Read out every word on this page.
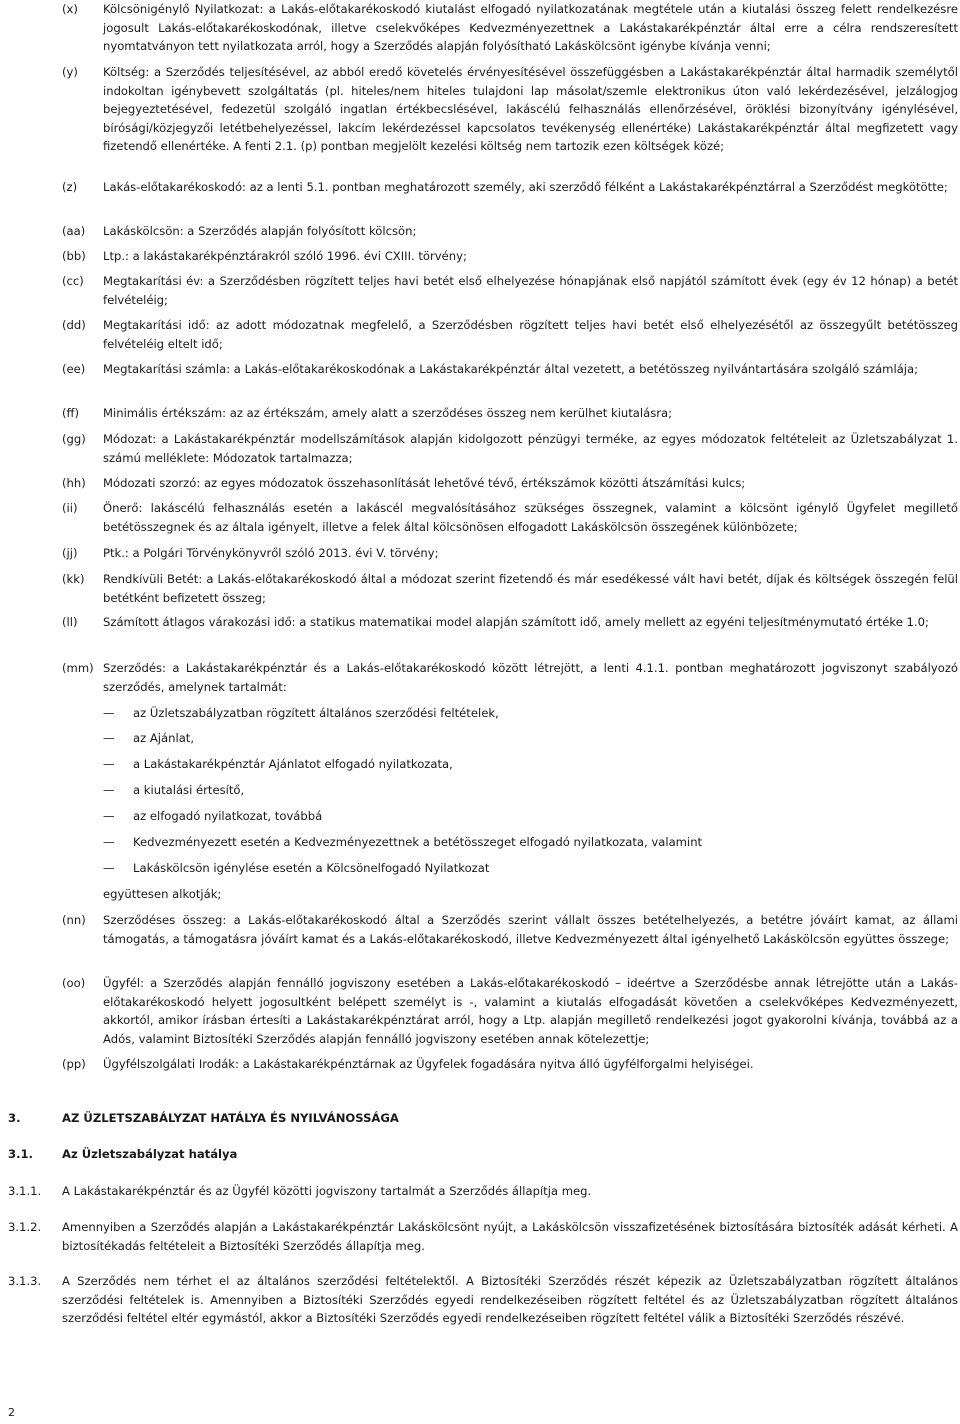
(x) Kölcsönigénylő Nyilatkozat: a Lakás-előtakarékoskodó kiutalást elfogadó nyilatkozatának megtétele után a kiutalási összeg felett rendelkezésre jogosult Lakás-előtakarékoskodónak, illetve cselekvőképes Kedvezményezettnek a Lakástakarékpénztár által erre a célra rendszeresített nyomtatványon tett nyilatkozata arról, hogy a Szerződés alapján folyósítható Lakáskölcsönt igénybe kívánja venni;
(y) Költség: a Szerződés teljesítésével, az abból eredő követelés érvényesítésével összefüggésben a Lakástakarékpénztár által harmadik személytől indokoltan igénybevett szolgáltatás (pl. hiteles/nem hiteles tulajdoni lap másolat/szemle elektronikus úton való lekérdezésével, jelzálogjog bejegyeztetésével, fedezetül szolgáló ingatlan értékbecslésével, lakáscélú felhasználás ellenőrzésével, öröklési bizonyítvány igénylésével, bírósági/közjegyzői letétbehelyezéssel, lakcím lekérdezéssel kapcsolatos tevékenység ellenértéke) Lakástakarékpénztár által megfizetett vagy fizetendő ellenértéke. A fenti 2.1. (p) pontban megjelölt kezelési költség nem tartozik ezen költségek közé;
(z) Lakás-előtakarékoskodó: az a lenti 5.1. pontban meghatározott személy, aki szerződő félként a Lakástakarékpénztárral a Szerződést megkötötte;
(aa) Lakáskölcsön: a Szerződés alapján folyósított kölcsön;
(bb) Ltp.: a lakástakarékpénztárakról szóló 1996. évi CXIII. törvény;
(cc) Megtakarítási év: a Szerződésben rögzített teljes havi betét első elhelyezése hónapjának első napjától számított évek (egy év 12 hónap) a betét felvételéig;
(dd) Megtakarítási idő: az adott módozatnak megfelelő, a Szerződésben rögzített teljes havi betét első elhelyezésétől az összegyűlt betétösszeg felvételéig eltelt idő;
(ee) Megtakarítási számla: a Lakás-előtakarékoskodónak a Lakástakarékpénztár által vezetett, a betétösszeg nyilvántartására szolgáló számlája;
(ff) Minimális értékszám: az az értékszám, amely alatt a szerződéses összeg nem kerülhet kiutalásra;
(gg) Módozat: a Lakástakarékpénztár modellszámítások alapján kidolgozott pénzügyi terméke, az egyes módozatok feltételeit az Üzletszabályzat 1. számú melléklete: Módozatok tartalmazza;
(hh) Módozati szorzó: az egyes módozatok összehasonlítását lehetővé tévő, értékszámok közötti átszámítási kulcs;
(ii) Önerő: lakáscélú felhasználás esetén a lakáscél megvalósításához szükséges összegnek, valamint a kölcsönt igénylő Ügyfelet megillető betétösszegnek és az általa igényelt, illetve a felek által kölcsönösen elfogadott Lakáskölcsön összegének különbözete;
(jj) Ptk.: a Polgári Törvénykönyvről szóló 2013. évi V. törvény;
(kk) Rendkívüli Betét: a Lakás-előtakarékoskodó által a módozat szerint fizetendő és már esedékessé vált havi betét, díjak és költségek összegén felül betétként befizetett összeg;
(ll) Számított átlagos várakozási idő: a statikus matematikai model alapján számított idő, amely mellett az egyéni teljesítménymutató értéke 1.0;
(mm) Szerződés: a Lakástakarékpénztár és a Lakás-előtakarékoskodó között létrejött, a lenti 4.1.1. pontban meghatározott jogviszonyt szabályozó szerződés, amelynek tartalmát:
— az Üzletszabályzatban rögzített általános szerződési feltételek,
— az Ajánlat,
— a Lakástakarékpénztár Ajánlatot elfogadó nyilatkozata,
— a kiutalási értesítő,
— az elfogadó nyilatkozat, továbbá
— Kedvezményezett esetén a Kedvezményezettnek a betétösszeget elfogadó nyilatkozata, valamint
— Lakáskölcsön igénylése esetén a Kölcsönelfogadó Nyilatkozat
együttesen alkotják;
(nn) Szerződéses összeg: a Lakás-előtakarékoskodó által a Szerződés szerint vállalt összes betételhelyezés, a betétre jóváírt kamat, az állami támogatás, a támogatásra jóváírt kamat és a Lakás-előtakarékoskodó, illetve Kedvezményezett által igényelhető Lakáskölcsön együttes összege;
(oo) Ügyfél: a Szerződés alapján fennálló jogviszony esetében a Lakás-előtakarékoskodó – ideértve a Szerződésbe annak létrejötte után a Lakás-előtakarékoskodó helyett jogosultként belépett személyt is -, valamint a kiutalás elfogadását követően a cselekvőképes Kedvezményezett, akkortól, amikor írásban értesíti a Lakástakarékpénztárat arról, hogy a Ltp. alapján megillető rendelkezési jogot gyakorolni kívánja, továbbá az a Adós, valamint Biztosítéki Szerződés alapján fennálló jogviszony esetében annak kötelezettje;
(pp) Ügyfélszolgálati Irodák: a Lakástakarékpénztárnak az Ügyfelek fogadására nyitva álló ügyfélforgalmi helyiségei.
3.	AZ ÜZLETSZABÁLYZAT HATÁLYA ÉS NYILVÁNOSSÁGA
3.1.	Az Üzletszabályzat hatálya
3.1.1. A Lakástakarékpénztár és az Ügyfél közötti jogviszony tartalmát a Szerződés állapítja meg.
3.1.2. Amennyiben a Szerződés alapján a Lakástakarékpénztár Lakáskölcsönt nyújt, a Lakáskölcsön visszafizetésének biztosítására biztosíték adását kérheti. A biztosítékadás feltételeit a Biztosítéki Szerződés állapítja meg.
3.1.3. A Szerződés nem térhet el az általános szerződési feltételektől. A Biztosítéki Szerződés részét képezik az Üzletszabályzatban rögzített általános szerződési feltételek is. Amennyiben a Biztosítéki Szerződés egyedi rendelkezéseiben rögzített feltétel és az Üzletszabályzatban rögzített általános szerződési feltétel eltér egymástól, akkor a Biztosítéki Szerződés egyedi rendelkezéseiben rögzített feltétel válik a Biztosítéki Szerződés részévé.
2
